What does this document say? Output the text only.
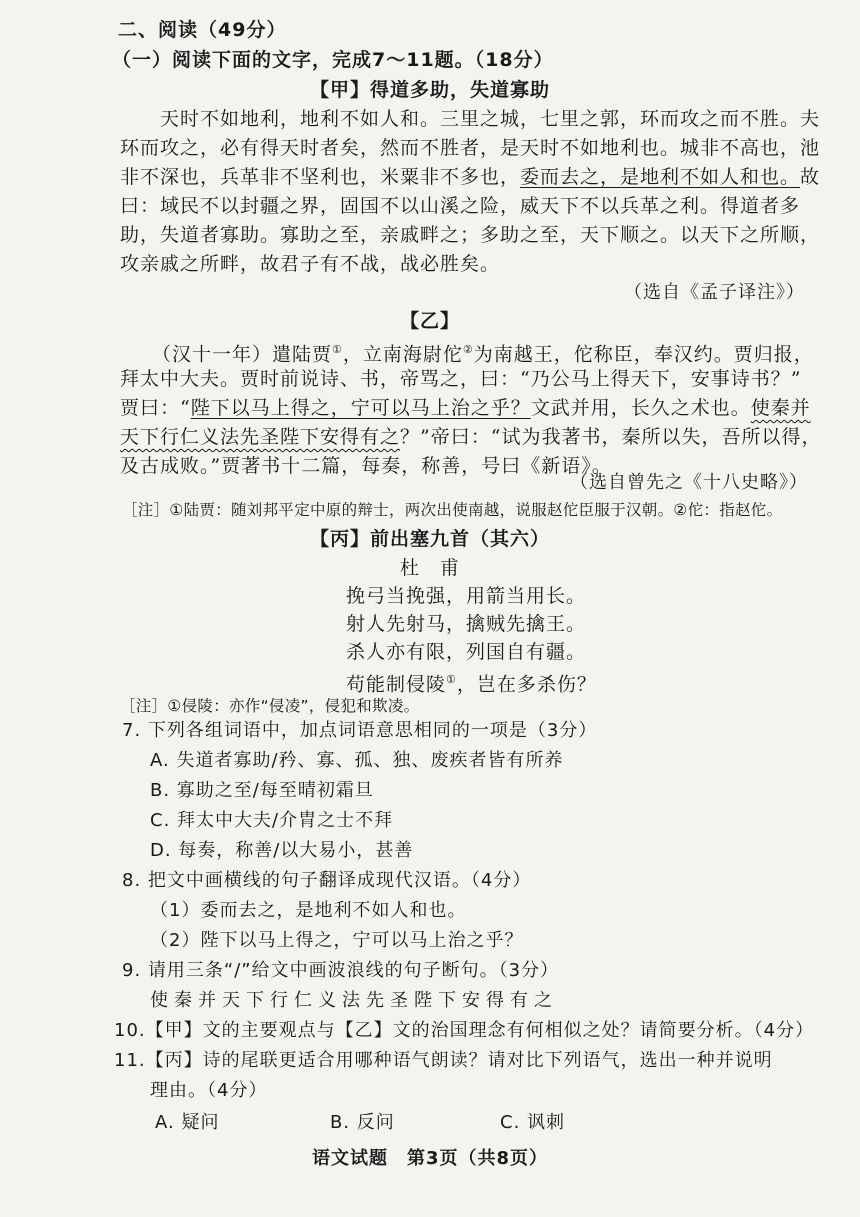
二、阅读（49分）
（一）阅读下面的文字，完成7～11题。（18分）
【甲】得道多助，失道寡助
天时不如地利，地利不如人和。三里之城，七里之郭，环而攻之而不胜。夫
环而攻之，必有得天时者矣，然而不胜者，是天时不如地利也。城非不高也，池
非不深也，兵革非不坚利也，米粟非不多也，委而去之，是地利不如人和也。故
曰：域民不以封疆之界，固国不以山溪之险，威天下不以兵革之利。得道者多
助，失道者寡助。寡助之至，亲戚畔之；多助之至，天下顺之。以天下之所顺，
攻亲戚之所畔，故君子有不战，战必胜矣。
（选自《孟子译注》）
【乙】
（汉十一年）遣陆贾①，立南海尉佗②为南越王，佗称臣，奉汉约。贾归报，
拜太中大夫。贾时前说诗、书，帝骂之，曰：“乃公马上得天下，安事诗书？”
贾曰：“陛下以马上得之，宁可以马上治之乎？文武并用，长久之术也。使秦并
天下行仁义法先圣陛下安得有之？”帝曰：“试为我著书，秦所以失，吾所以得，
及古成败。”贾著书十二篇，每奏，称善，号曰《新语》。
（选自曾先之《十八史略》）
［注］①陆贾：随刘邦平定中原的辩士，两次出使南越，说服赵佗臣服于汉朝。②佗：指赵佗。
【丙】前出塞九首（其六）
杜　甫
挽弓当挽强，用箭当用长。
射人先射马，擒贼先擒王。
杀人亦有限，列国自有疆。
苟能制侵陵①，岂在多杀伤？
［注］①侵陵：亦作“侵凌”，侵犯和欺凌。
7. 下列各组词语中，加点词语意思相同的一项是（3分）
A. 失道者寡助/矜、寡、孤、独、废疾者皆有所养
B. 寡助之至/每至晴初霜旦
C. 拜太中大夫/介胄之士不拜
D. 每奏，称善/以大易小，甚善
8. 把文中画横线的句子翻译成现代汉语。（4分）
（1）委而去之，是地利不如人和也。
（2）陛下以马上得之，宁可以马上治之乎？
9. 请用三条“/”给文中画波浪线的句子断句。（3分）
使秦并天下行仁义法先圣陛下安得有之
10.【甲】文的主要观点与【乙】文的治国理念有何相似之处？请简要分析。（4分）
11.【丙】诗的尾联更适合用哪种语气朗读？请对比下列语气，选出一种并说明
理由。（4分）
A. 疑问	B. 反问	C. 讽刺
语文试题　第3页（共8页）
